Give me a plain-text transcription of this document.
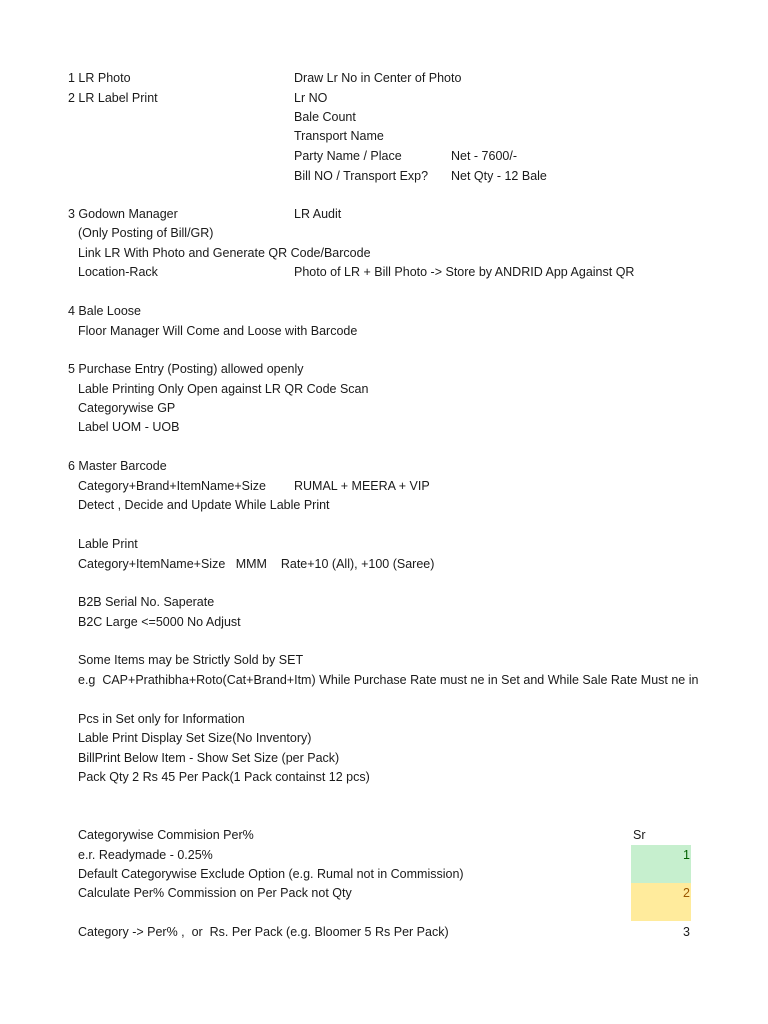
1 LR Photo	Draw Lr No in Center of Photo
2 LR Label Print	Lr NO
Bale Count
Transport Name
Party Name / Place	Net - 7600/-
Bill NO / Transport Exp? Net Qty - 12 Bale
3 Godown Manager	LR Audit
(Only Posting of Bill/GR)
Link LR With Photo and Generate QR Code/Barcode
Location-Rack	Photo of LR + Bill Photo -> Store by ANDRID App Against QR
4 Bale Loose
Floor Manager Will Come and Loose with Barcode
5 Purchase Entry (Posting) allowed openly
Lable Printing Only Open against LR QR Code Scan
Categorywise GP
Label UOM - UOB
6 Master Barcode
Category+Brand+ItemName+Size RUMAL + MEERA + VIP
Detect , Decide and Update While Lable Print
Lable Print
Category+ItemName+Size   MMM    Rate+10 (All), +100 (Saree)
B2B Serial No. Saperate
B2C Large <=5000 No Adjust
Some Items may be Strictly Sold by SET
e.g  CAP+Prathibha+Roto(Cat+Brand+Itm) While Purchase Rate must ne in Set and While Sale Rate Must ne in
Pcs in Set only for Information
Lable Print Display Set Size(No Inventory)
BillPrint Below Item - Show Set Size (per Pack)
Pack Qty 2 Rs 45 Per Pack(1 Pack containst 12 pcs)
Categorywise Commision Per%	Sr
e.r. Readymade - 0.25%	1
Default Categorywise Exclude Option (e.g. Rumal not in Commission)
Calculate Per% Commission on Per Pack not Qty	2
Category -> Per% ,  or  Rs. Per Pack (e.g. Bloomer 5 Rs Per Pack)	3
